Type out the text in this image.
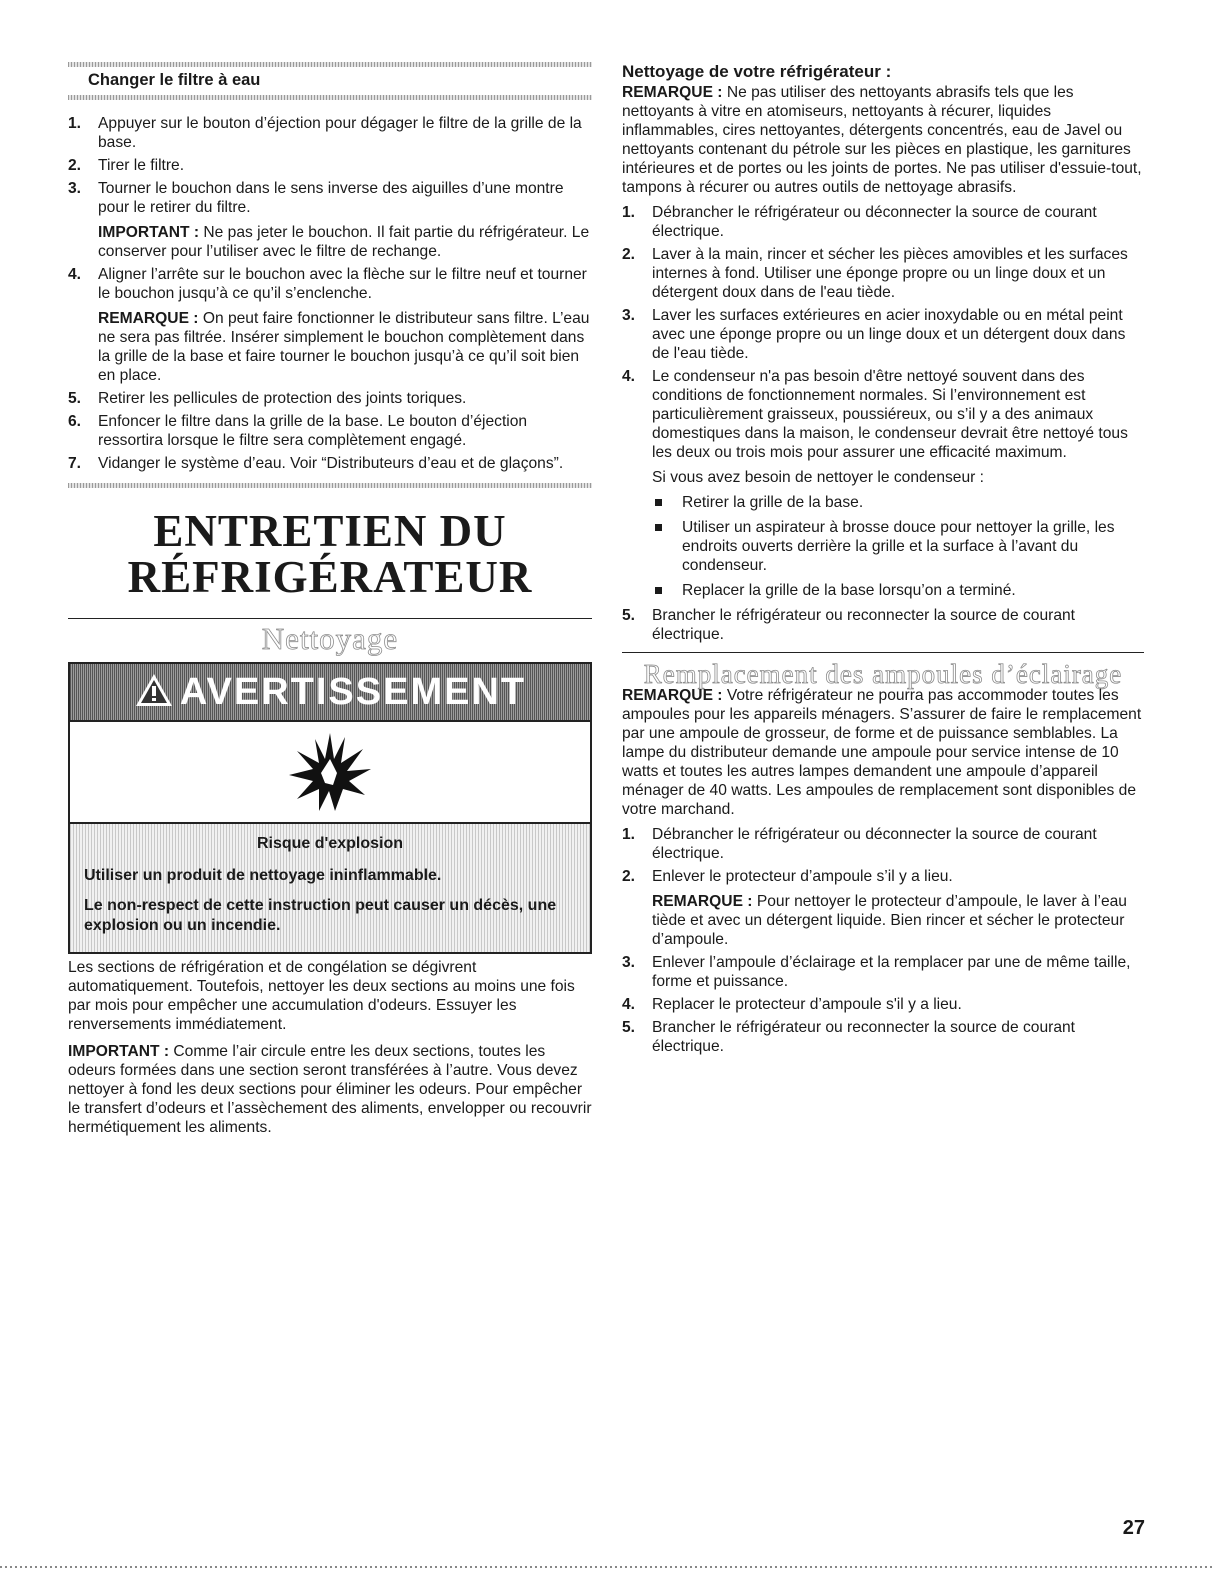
Changer le filtre à eau
1. Appuyer sur le bouton d’éjection pour dégager le filtre de la grille de la base.
2. Tirer le filtre.
3. Tourner le bouchon dans le sens inverse des aiguilles d’une montre pour le retirer du filtre.

IMPORTANT : Ne pas jeter le bouchon. Il fait partie du réfrigérateur. Le conserver pour l’utiliser avec le filtre de rechange.

4. Aligner l’arrête sur le bouchon avec la flèche sur le filtre neuf et tourner le bouchon jusqu’à ce qu’il s’enclenche.

REMARQUE : On peut faire fonctionner le distributeur sans filtre. L’eau ne sera pas filtrée. Insérer simplement le bouchon complètement dans la grille de la base et faire tourner le bouchon jusqu’à ce qu’il soit bien en place.

5. Retirer les pellicules de protection des joints toriques.
6. Enfoncer le filtre dans la grille de la base. Le bouton d’éjection ressortira lorsque le filtre sera complètement engagé.
7. Vidanger le système d’eau. Voir “Distributeurs d’eau et de glaçons”.
ENTRETIEN DU
RÉFRIGÉRATEUR
Nettoyage
AVERTISSEMENT

Risque d'explosion

Utiliser un produit de nettoyage ininflammable.

Le non-respect de cette instruction peut causer un décès, une explosion ou un incendie.

Les sections de réfrigération et de congélation se dégivrent automatiquement. Toutefois, nettoyer les deux sections au moins une fois par mois pour empêcher une accumulation d'odeurs. Essuyer les renversements immédiatement.

IMPORTANT : Comme l’air circule entre les deux sections, toutes les odeurs formées dans une section seront transférées à l’autre. Vous devez nettoyer à fond les deux sections pour éliminer les odeurs. Pour empêcher le transfert d’odeurs et l’assèchement des aliments, envelopper ou recouvrir hermétiquement les aliments.

Nettoyage de votre réfrigérateur :

REMARQUE : Ne pas utiliser des nettoyants abrasifs tels que les nettoyants à vitre en atomiseurs, nettoyants à récurer, liquides inflammables, cires nettoyantes, détergents concentrés, eau de Javel ou nettoyants contenant du pétrole sur les pièces en plastique, les garnitures intérieures et de portes ou les joints de portes. Ne pas utiliser d'essuie-tout, tampons à récurer ou autres outils de nettoyage abrasifs.

1. Débrancher le réfrigérateur ou déconnecter la source de courant électrique.
2. Laver à la main, rincer et sécher les pièces amovibles et les surfaces internes à fond. Utiliser une éponge propre ou un linge doux et un détergent doux dans de l'eau tiède.
3. Laver les surfaces extérieures en acier inoxydable ou en métal peint avec une éponge propre ou un linge doux et un détergent doux dans de l'eau tiède.
4. Le condenseur n'a pas besoin d'être nettoyé souvent dans des conditions de fonctionnement normales. Si l’environnement est particulièrement graisseux, poussiéreux, ou s’il y a des animaux domestiques dans la maison, le condenseur devrait être nettoyé tous les deux ou trois mois pour assurer une efficacité maximum.

Si vous avez besoin de nettoyer le condenseur :

Retirer la grille de la base.
Utiliser un aspirateur à brosse douce pour nettoyer la grille, les endroits ouverts derrière la grille et la surface à l’avant du condenseur.
Replacer la grille de la base lorsqu’on a terminé.
5. Brancher le réfrigérateur ou reconnecter la source de courant électrique.
Remplacement des ampoules d’éclairage

REMARQUE : Votre réfrigérateur ne pourra pas accommoder toutes les ampoules pour les appareils ménagers. S’assurer de faire le remplacement par une ampoule de grosseur, de forme et de puissance semblables. La lampe du distributeur demande une ampoule pour service intense de 10 watts et toutes les autres lampes demandent une ampoule d’appareil ménager de 40 watts. Les ampoules de remplacement sont disponibles de votre marchand.

1. Débrancher le réfrigérateur ou déconnecter la source de courant électrique.
2. Enlever le protecteur d’ampoule s’il y a lieu.

REMARQUE : Pour nettoyer le protecteur d’ampoule, le laver à l’eau tiède et avec un détergent liquide. Bien rincer et sécher le protecteur d’ampoule.

3. Enlever l’ampoule d’éclairage et la remplacer par une de même taille, forme et puissance.
4. Replacer le protecteur d’ampoule s'il y a lieu.
5. Brancher le réfrigérateur ou reconnecter la source de courant électrique.
27
